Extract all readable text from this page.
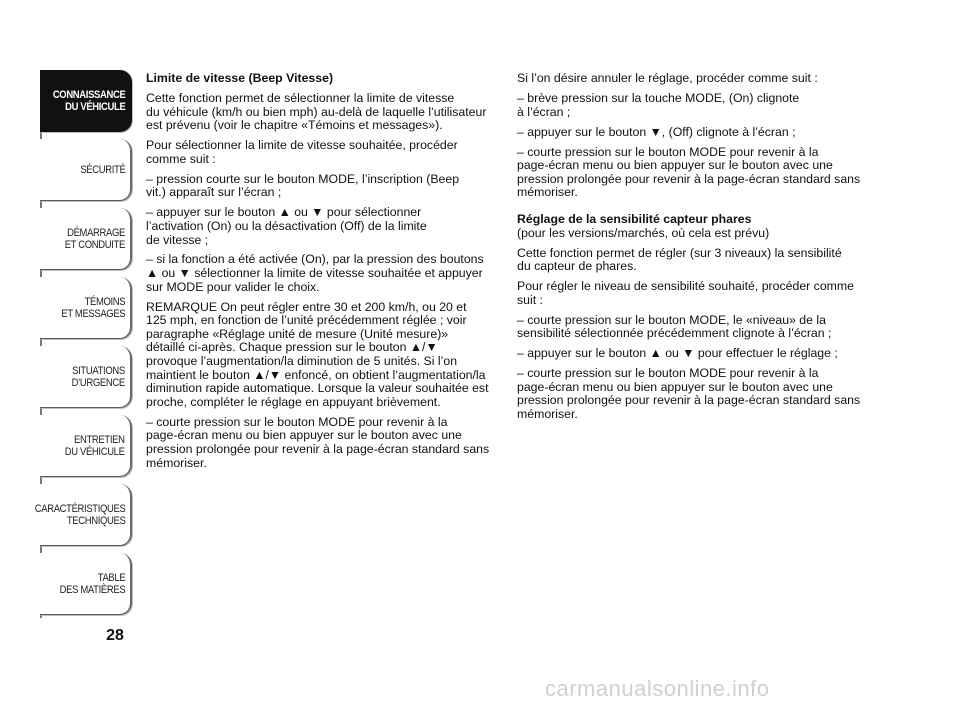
CONNAISSANCE
DU VÉHICULE
SÉCURITÉ
DÉMARRAGE
ET CONDUITE
TÉMOINS
ET MESSAGES
SITUATIONS
D’URGENCE
ENTRETIEN
DU VÉHICULE
CARACTÉRISTIQUES
TECHNIQUES
TABLE
DES MATIÈRES
28

Limite de vitesse (Beep Vitesse)

Cette fonction permet de sélectionner la limite de vitesse
du véhicule (km/h ou bien mph) au-delà de laquelle l’utilisateur
est prévenu (voir le chapitre «Témoins et messages»).

Pour sélectionner la limite de vitesse souhaitée, procéder
comme suit :

– pression courte sur le bouton MODE, l’inscription (Beep
vit.) apparaît sur l’écran ;

– appuyer sur le bouton ▲ ou ▼ pour sélectionner
l’activation (On) ou la désactivation (Off) de la limite
de vitesse ;

– si la fonction a été activée (On), par la pression des boutons
▲ ou ▼ sélectionner la limite de vitesse souhaitée et appuyer
sur MODE pour valider le choix.

REMARQUE On peut régler entre 30 et 200 km/h, ou 20 et
125 mph, en fonction de l’unité précédemment réglée ; voir
paragraphe «Réglage unité de mesure (Unité mesure)»
détaillé ci-après. Chaque pression sur le bouton ▲/▼
provoque l’augmentation/la diminution de 5 unités. Si l’on
maintient le bouton ▲/▼ enfoncé, on obtient l’augmentation/la
diminution rapide automatique. Lorsque la valeur souhaitée est
proche, compléter le réglage en appuyant brièvement.

– courte pression sur le bouton MODE pour revenir à la
page-écran menu ou bien appuyer sur le bouton avec une
pression prolongée pour revenir à la page-écran standard sans
mémoriser.

Si l’on désire annuler le réglage, procéder comme suit :

– brève pression sur la touche MODE, (On) clignote
à l’écran ;

– appuyer sur le bouton ▼, (Off) clignote à l’écran ;

– courte pression sur le bouton MODE pour revenir à la
page-écran menu ou bien appuyer sur le bouton avec une
pression prolongée pour revenir à la page-écran standard sans
mémoriser.

Réglage de la sensibilité capteur phares

(pour les versions/marchés, où cela est prévu)

Cette fonction permet de régler (sur 3 niveaux) la sensibilité
du capteur de phares.

Pour régler le niveau de sensibilité souhaité, procéder comme
suit :

– courte pression sur le bouton MODE, le «niveau» de la
sensibilité sélectionnée précédemment clignote à l’écran ;

– appuyer sur le bouton ▲ ou ▼ pour effectuer le réglage ;

– courte pression sur le bouton MODE pour revenir à la
page-écran menu ou bien appuyer sur le bouton avec une
pression prolongée pour revenir à la page-écran standard sans
mémoriser.

carmanualsonline.info
